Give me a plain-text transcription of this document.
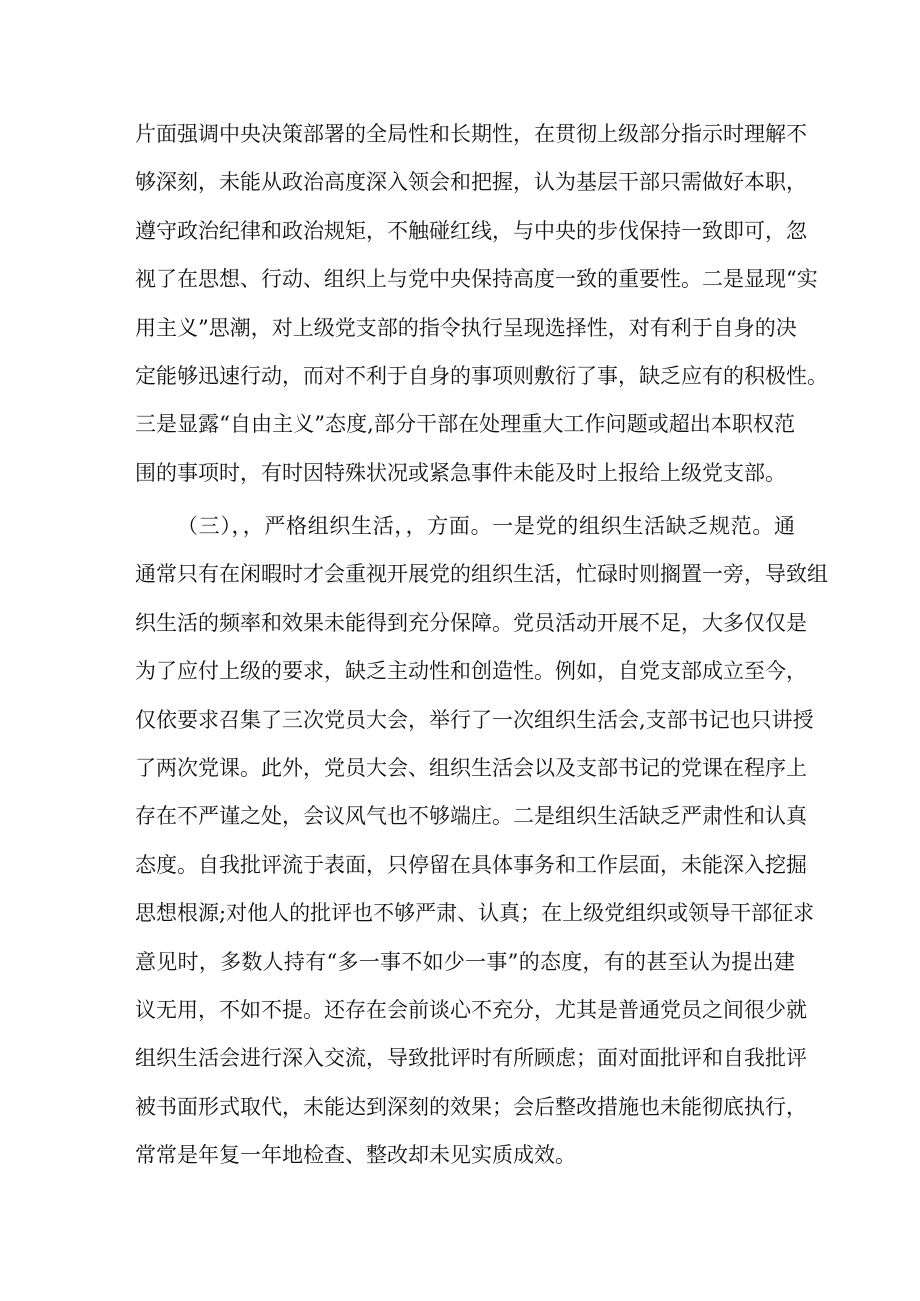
片面强调中央决策部署的全局性和长期性，在贯彻上级部分指示时理解不
够深刻，未能从政治高度深入领会和把握，认为基层干部只需做好本职，
遵守政治纪律和政治规矩，不触碰红线，与中央的步伐保持一致即可，忽
视了在思想、行动、组织上与党中央保持高度一致的重要性。二是显现“实
用主义”思潮，对上级党支部的指令执行呈现选择性，对有利于自身的决
定能够迅速行动，而对不利于自身的事项则敷衍了事，缺乏应有的积极性。
三是显露“自由主义”态度,部分干部在处理重大工作问题或超出本职权范
围的事项时，有时因特殊状况或紧急事件未能及时上报给上级党支部。
（三），，严格组织生活，，方面。一是党的组织生活缺乏规范。通
通常只有在闲暇时才会重视开展党的组织生活，忙碌时则搁置一旁，导致组
织生活的频率和效果未能得到充分保障。党员活动开展不足，大多仅仅是
为了应付上级的要求，缺乏主动性和创造性。例如，自党支部成立至今，
仅依要求召集了三次党员大会，举行了一次组织生活会,支部书记也只讲授
了两次党课。此外，党员大会、组织生活会以及支部书记的党课在程序上
存在不严谨之处，会议风气也不够端庄。二是组织生活缺乏严肃性和认真
态度。自我批评流于表面，只停留在具体事务和工作层面，未能深入挖掘
思想根源;对他人的批评也不够严肃、认真；在上级党组织或领导干部征求
意见时，多数人持有“多一事不如少一事”的态度，有的甚至认为提出建
议无用，不如不提。还存在会前谈心不充分，尤其是普通党员之间很少就
组织生活会进行深入交流，导致批评时有所顾虑；面对面批评和自我批评
被书面形式取代，未能达到深刻的效果；会后整改措施也未能彻底执行，
常常是年复一年地检查、整改却未见实质成效。
